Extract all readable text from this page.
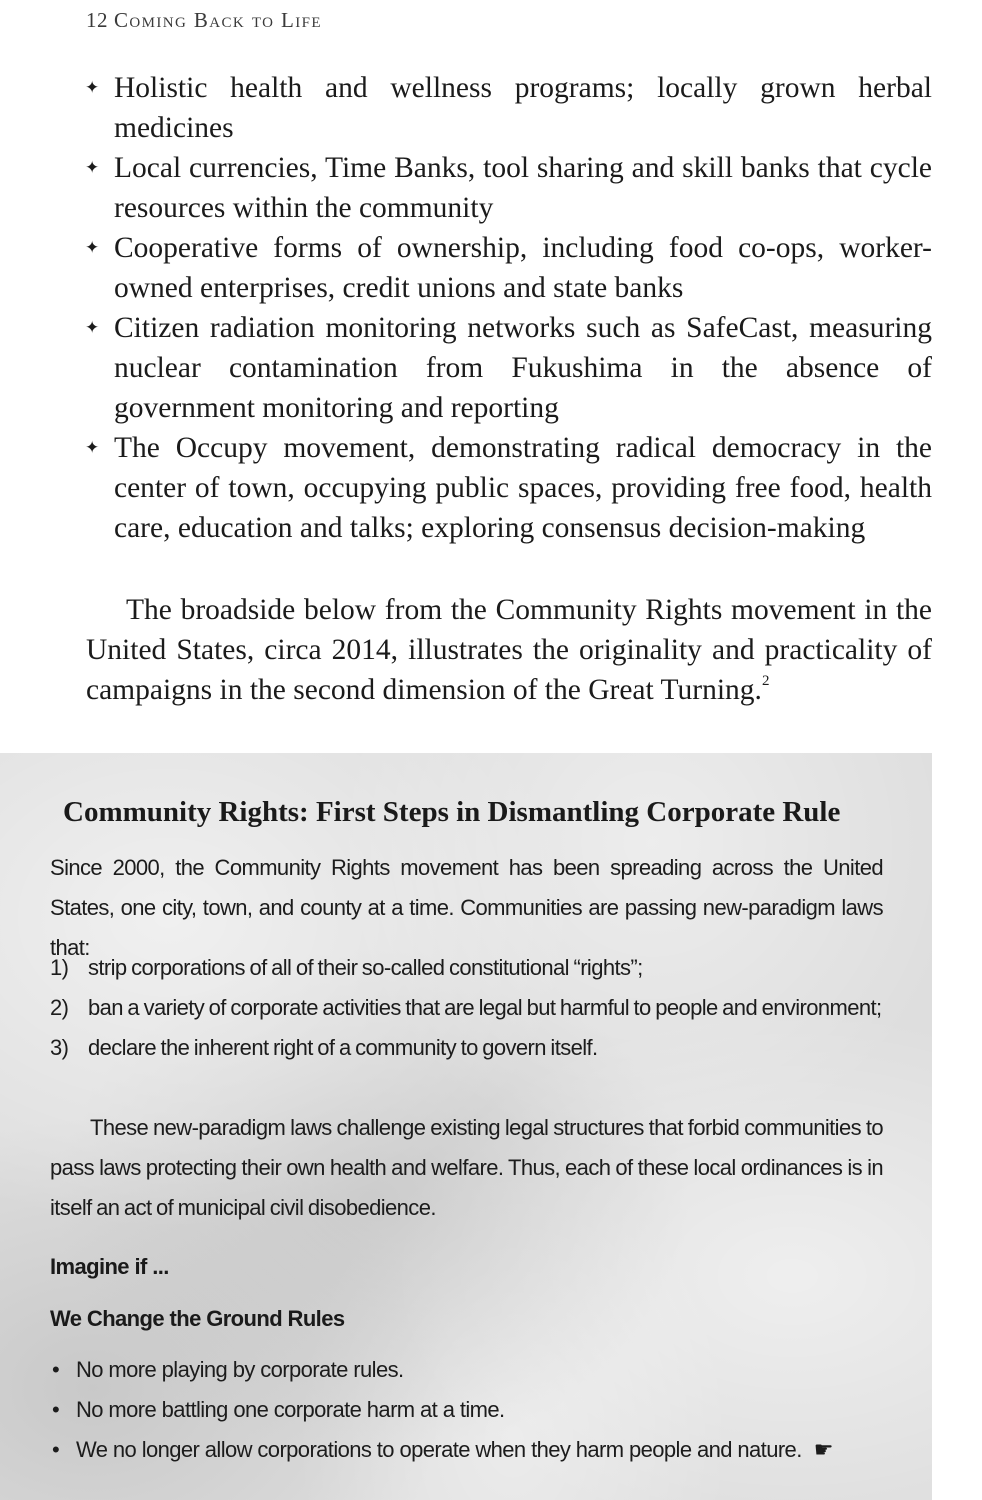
12 Coming Back to Life
✦ Holistic health and wellness programs; locally grown herbal medicines
✦ Local currencies, Time Banks, tool sharing and skill banks that cycle resources within the community
✦ Cooperative forms of ownership, including food co-ops, worker-owned enterprises, credit unions and state banks
✦ Citizen radiation monitoring networks such as SafeCast, measuring nuclear contamination from Fukushima in the absence of government monitoring and reporting
✦ The Occupy movement, demonstrating radical democracy in the center of town, occupying public spaces, providing free food, health care, education and talks; exploring consensus decision-making

The broadside below from the Community Rights movement in the United States, circa 2014, illustrates the originality and practicality of campaigns in the second dimension of the Great Turning.$^2$

Community Rights: First Steps in Dismantling Corporate Rule

Since 2000, the Community Rights movement has been spreading across the United States, one city, town, and county at a time. Communities are passing new-paradigm laws that:

1) strip corporations of all of their so-called constitutional “rights”;
2) ban a variety of corporate activities that are legal but harmful to people and environment;
3) declare the inherent right of a community to govern itself.

These new-paradigm laws challenge existing legal structures that forbid communities to pass laws protecting their own health and welfare. Thus, each of these local ordinances is in itself an act of municipal civil disobedience.

Imagine if ...

We Change the Ground Rules

• No more playing by corporate rules.
• No more battling one corporate harm at a time.
• We no longer allow corporations to operate when they harm people and nature. ☛
